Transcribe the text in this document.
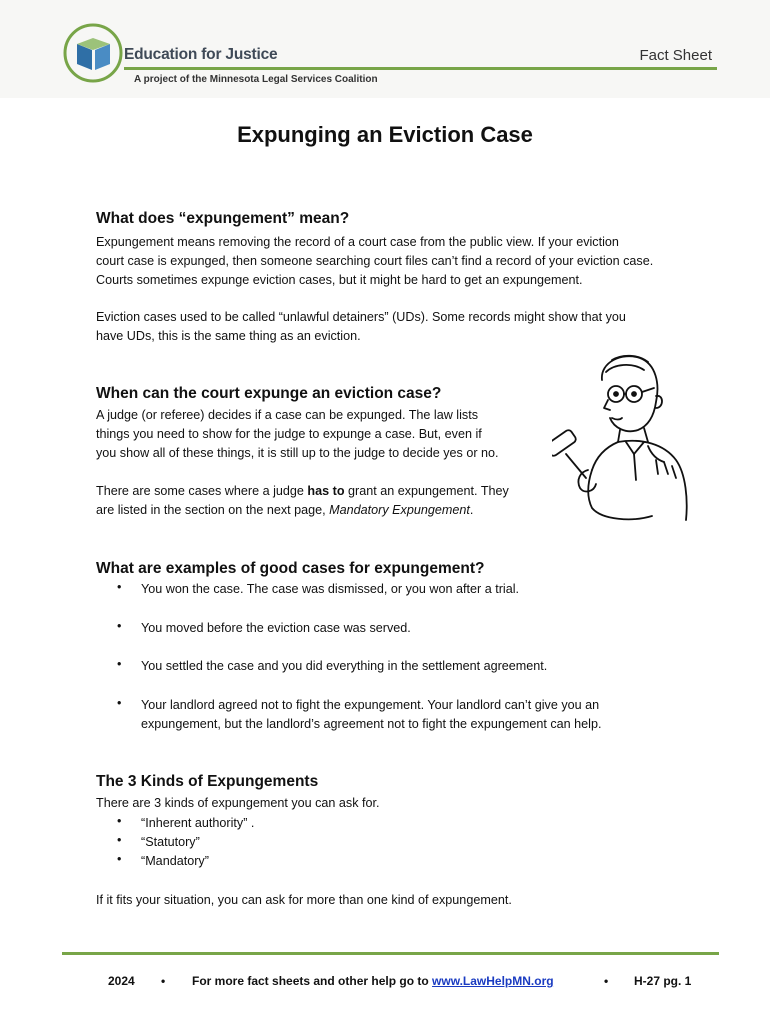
Education for Justice
A project of the Minnesota Legal Services Coalition
Fact Sheet
Expunging an Eviction Case
What does “expungement” mean?
Expungement means removing the record of a court case from the public view. If your eviction
court case is expunged, then someone searching court files can’t find a record of your eviction case.
Courts sometimes expunge eviction cases, but it might be hard to get an expungement.
Eviction cases used to be called “unlawful detainers” (UDs). Some records might show that you
have UDs, this is the same thing as an eviction.
When can the court expunge an eviction case?
A judge (or referee) decides if a case can be expunged. The law lists
things you need to show for the judge to expunge a case. But, even if
you show all of these things, it is still up to the judge to decide yes or no.
There are some cases where a judge has to grant an expungement. They
are listed in the section on the next page, Mandatory Expungement.
What are examples of good cases for expungement?
• You won the case. The case was dismissed, or you won after a trial.
• You moved before the eviction case was served.
• You settled the case and you did everything in the settlement agreement.
• Your landlord agreed not to fight the expungement. Your landlord can’t give you an
expungement, but the landlord’s agreement not to fight the expungement can help.
The 3 Kinds of Expungements
There are 3 kinds of expungement you can ask for.
• “Inherent authority” .
• “Statutory”
• “Mandatory”
If it fits your situation, you can ask for more than one kind of expungement.
2024 • For more fact sheets and other help go to www.LawHelpMN.org	• H-27 pg. 1
